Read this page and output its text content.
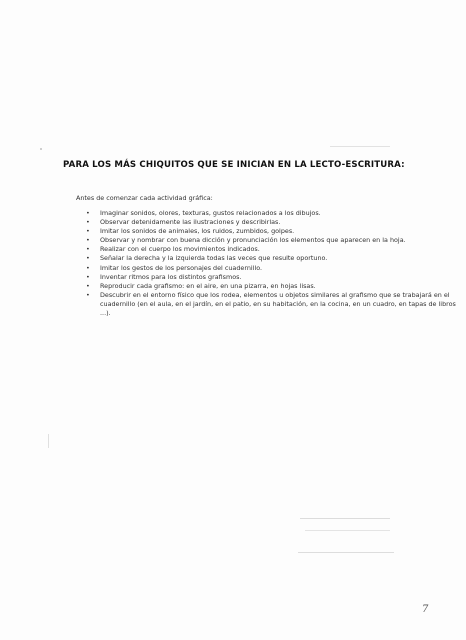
PARA LOS MÁS CHIQUITOS QUE SE INICIAN EN LA LECTO-ESCRITURA:
Antes de comenzar cada actividad gráfica:
• Imaginar sonidos, olores, texturas, gustos relacionados a los dibujos.
• Observar detenidamente las ilustraciones y describirlas.
• Imitar los sonidos de animales, los ruidos, zumbidos, golpes.
• Observar y nombrar con buena dicción y pronunciación los elementos que aparecen en la hoja.
• Realizar con el cuerpo los movimientos indicados.
• Señalar la derecha y la izquierda todas las veces que resulte oportuno.
• Imitar los gestos de los personajes del cuadernillo.
• Inventar ritmos para los distintos grafismos.
• Reproducir cada grafismo: en el aire, en una pizarra, en hojas lisas.
• Descubrir en el entorno físico que los rodea, elementos u objetos similares al grafismo que se trabajará en el cuadernillo (en el aula, en el jardín, en el patio, en su habitación, en la cocina, en un cuadro, en tapas de libros ...).
7
